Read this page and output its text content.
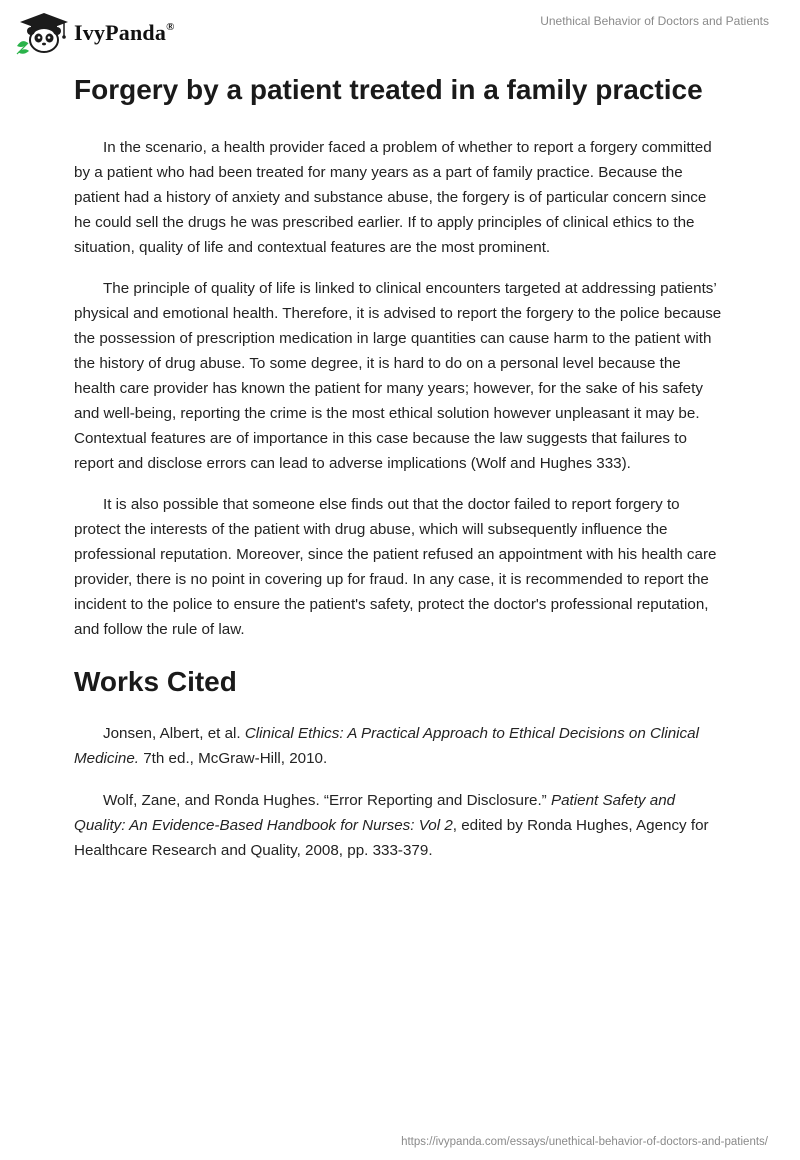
IvyPanda®	Unethical Behavior of Doctors and Patients
Forgery by a patient treated in a family practice

In the scenario, a health provider faced a problem of whether to report a forgery committed by a patient who had been treated for many years as a part of family practice. Because the patient had a history of anxiety and substance abuse, the forgery is of particular concern since he could sell the drugs he was prescribed earlier. If to apply principles of clinical ethics to the situation, quality of life and contextual features are the most prominent.

The principle of quality of life is linked to clinical encounters targeted at addressing patients’ physical and emotional health. Therefore, it is advised to report the forgery to the police because the possession of prescription medication in large quantities can cause harm to the patient with the history of drug abuse. To some degree, it is hard to do on a personal level because the health care provider has known the patient for many years; however, for the sake of his safety and well-being, reporting the crime is the most ethical solution however unpleasant it may be. Contextual features are of importance in this case because the law suggests that failures to report and disclose errors can lead to adverse implications (Wolf and Hughes 333).

It is also possible that someone else finds out that the doctor failed to report forgery to protect the interests of the patient with drug abuse, which will subsequently influence the professional reputation. Moreover, since the patient refused an appointment with his health care provider, there is no point in covering up for fraud. In any case, it is recommended to report the incident to the police to ensure the patient's safety, protect the doctor's professional reputation, and follow the rule of law.

Works Cited

Jonsen, Albert, et al. Clinical Ethics: A Practical Approach to Ethical Decisions on Clinical Medicine. 7th ed., McGraw-Hill, 2010.

Wolf, Zane, and Ronda Hughes. “Error Reporting and Disclosure.” Patient Safety and Quality: An Evidence-Based Handbook for Nurses: Vol 2, edited by Ronda Hughes, Agency for Healthcare Research and Quality, 2008, pp. 333-379.

https://ivypanda.com/essays/unethical-behavior-of-doctors-and-patients/
